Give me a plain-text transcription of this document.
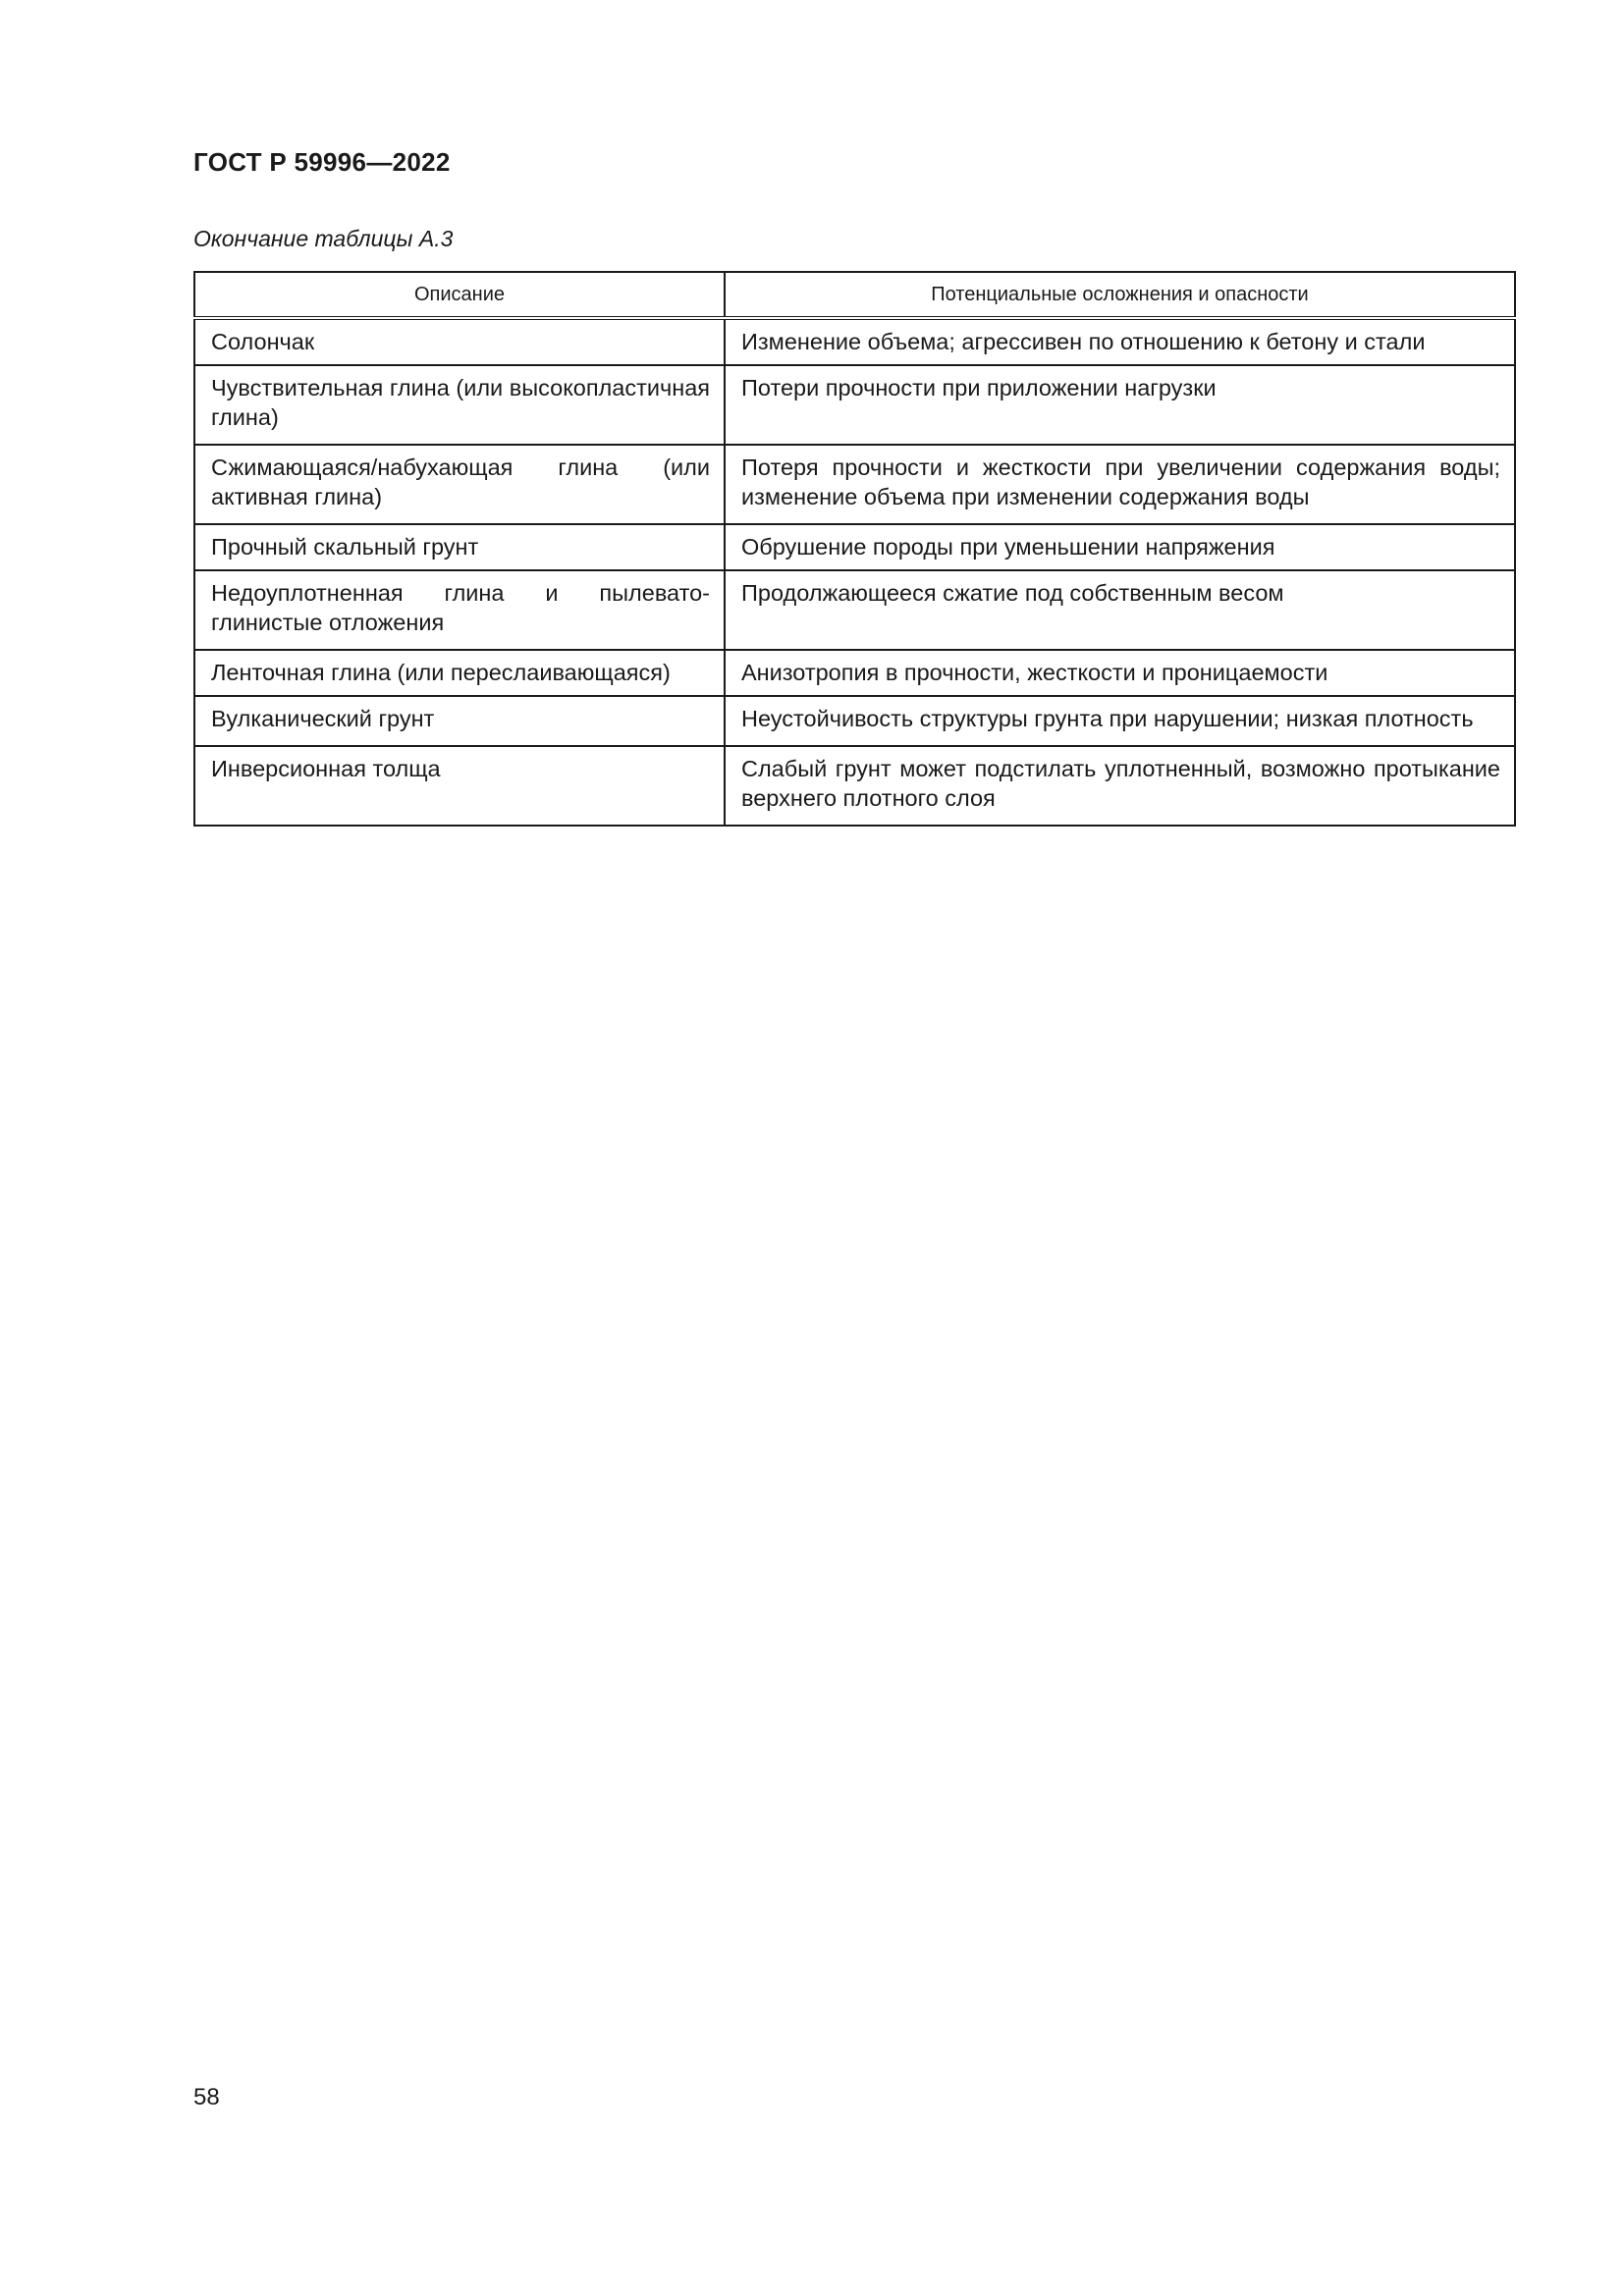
ГОСТ Р 59996—2022
Окончание таблицы А.3
Описание	Потенциальные осложнения и опасности
Солончак	Изменение объема; агрессивен по отношению к бетону и стали
Чувствительная глина (или высокопластичная глина)	Потери прочности при приложении нагрузки
Сжимающаяся/набухающая глина (или активная глина)	Потеря прочности и жесткости при увеличении содержания воды; изменение объема при изменении содержания воды
Прочный скальный грунт	Обрушение породы при уменьшении напряжения
Недоуплотненная глина и пылевато-глинистые отложения	Продолжающееся сжатие под собственным весом
Ленточная глина (или переслаивающаяся)	Анизотропия в прочности, жесткости и проницаемости
Вулканический грунт	Неустойчивость структуры грунта при нарушении; низкая плотность
Инверсионная толща	Слабый грунт может подстилать уплотненный, возможно протыкание верхнего плотного слоя
58
